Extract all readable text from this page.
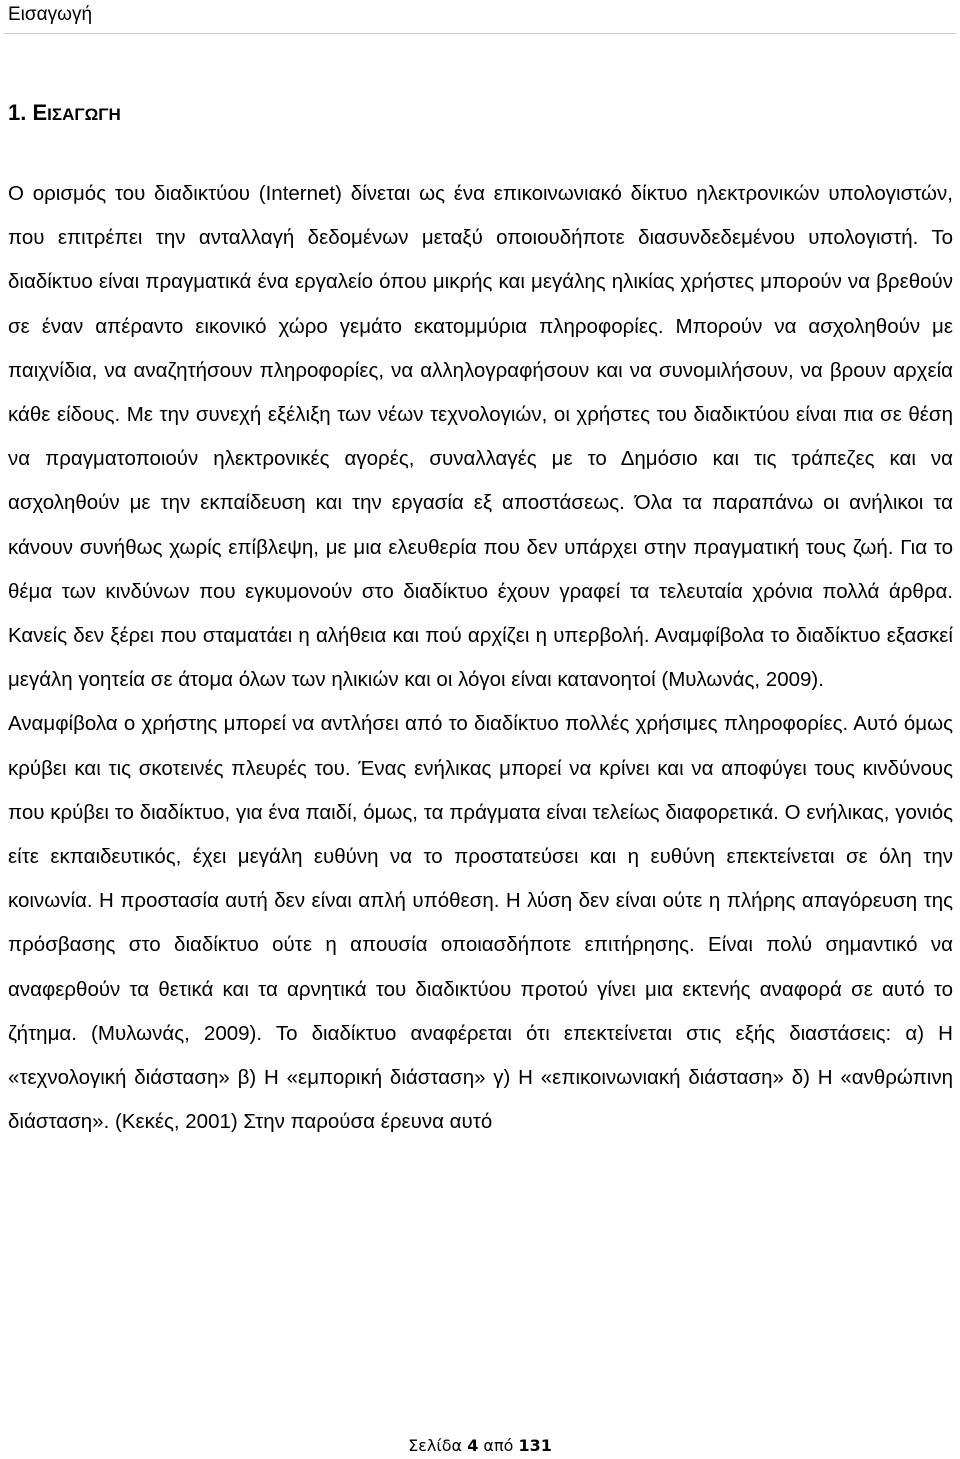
Εισαγωγή
1. ΕΙΣΑΓΩΓΗ

Ο ορισμός του διαδικτύου (Internet) δίνεται ως ένα επικοινωνιακό δίκτυο ηλεκτρονικών υπολογιστών, που επιτρέπει την ανταλλαγή δεδομένων μεταξύ οποιουδήποτε διασυνδεδεμένου υπολογιστή. Το διαδίκτυο είναι πραγματικά ένα εργαλείο όπου μικρής και μεγάλης ηλικίας χρήστες μπορούν να βρεθούν σε έναν απέραντο εικονικό χώρο γεμάτο εκατομμύρια πληροφορίες. Μπορούν να ασχοληθούν με παιχνίδια, να αναζητήσουν πληροφορίες, να αλληλογραφήσουν και να συνομιλήσουν, να βρουν αρχεία κάθε είδους. Με την συνεχή εξέλιξη των νέων τεχνολογιών, οι χρήστες του διαδικτύου είναι πια σε θέση να πραγματοποιούν ηλεκτρονικές αγορές, συναλλαγές με το Δημόσιο και τις τράπεζες και να ασχοληθούν με την εκπαίδευση και την εργασία εξ αποστάσεως. Όλα τα παραπάνω οι ανήλικοι τα κάνουν συνήθως χωρίς επίβλεψη, με μια ελευθερία που δεν υπάρχει στην πραγματική τους ζωή. Για το θέμα των κινδύνων που εγκυμονούν στο διαδίκτυο έχουν γραφεί τα τελευταία χρόνια πολλά άρθρα. Κανείς δεν ξέρει που σταματάει η αλήθεια και πού αρχίζει η υπερβολή. Αναμφίβολα το διαδίκτυο εξασκεί μεγάλη γοητεία σε άτομα όλων των ηλικιών και οι λόγοι είναι κατανοητοί (Μυλωνάς, 2009).

Αναμφίβολα ο χρήστης μπορεί να αντλήσει από το διαδίκτυο πολλές χρήσιμες πληροφορίες. Αυτό όμως κρύβει και τις σκοτεινές πλευρές του. Ένας ενήλικας μπορεί να κρίνει και να αποφύγει τους κινδύνους που κρύβει το διαδίκτυο, για ένα παιδί, όμως, τα πράγματα είναι τελείως διαφορετικά. Ο ενήλικας, γονιός είτε εκπαιδευτικός, έχει μεγάλη ευθύνη να το προστατεύσει και η ευθύνη επεκτείνεται σε όλη την κοινωνία. Η προστασία αυτή δεν είναι απλή υπόθεση. Η λύση δεν είναι ούτε η πλήρης απαγόρευση της πρόσβασης στο διαδίκτυο ούτε η απουσία οποιασδήποτε επιτήρησης. Είναι πολύ σημαντικό να αναφερθούν τα θετικά και τα αρνητικά του διαδικτύου προτού γίνει μια εκτενής αναφορά σε αυτό το ζήτημα. (Μυλωνάς, 2009). Το διαδίκτυο αναφέρεται ότι επεκτείνεται στις εξής διαστάσεις: α) Η «τεχνολογική διάσταση» β) Η «εμπορική διάσταση» γ) Η «επικοινωνιακή διάσταση» δ) Η «ανθρώπινη διάσταση». (Κεκές, 2001) Στην παρούσα έρευνα αυτό

Σελίδα 4 από 131
